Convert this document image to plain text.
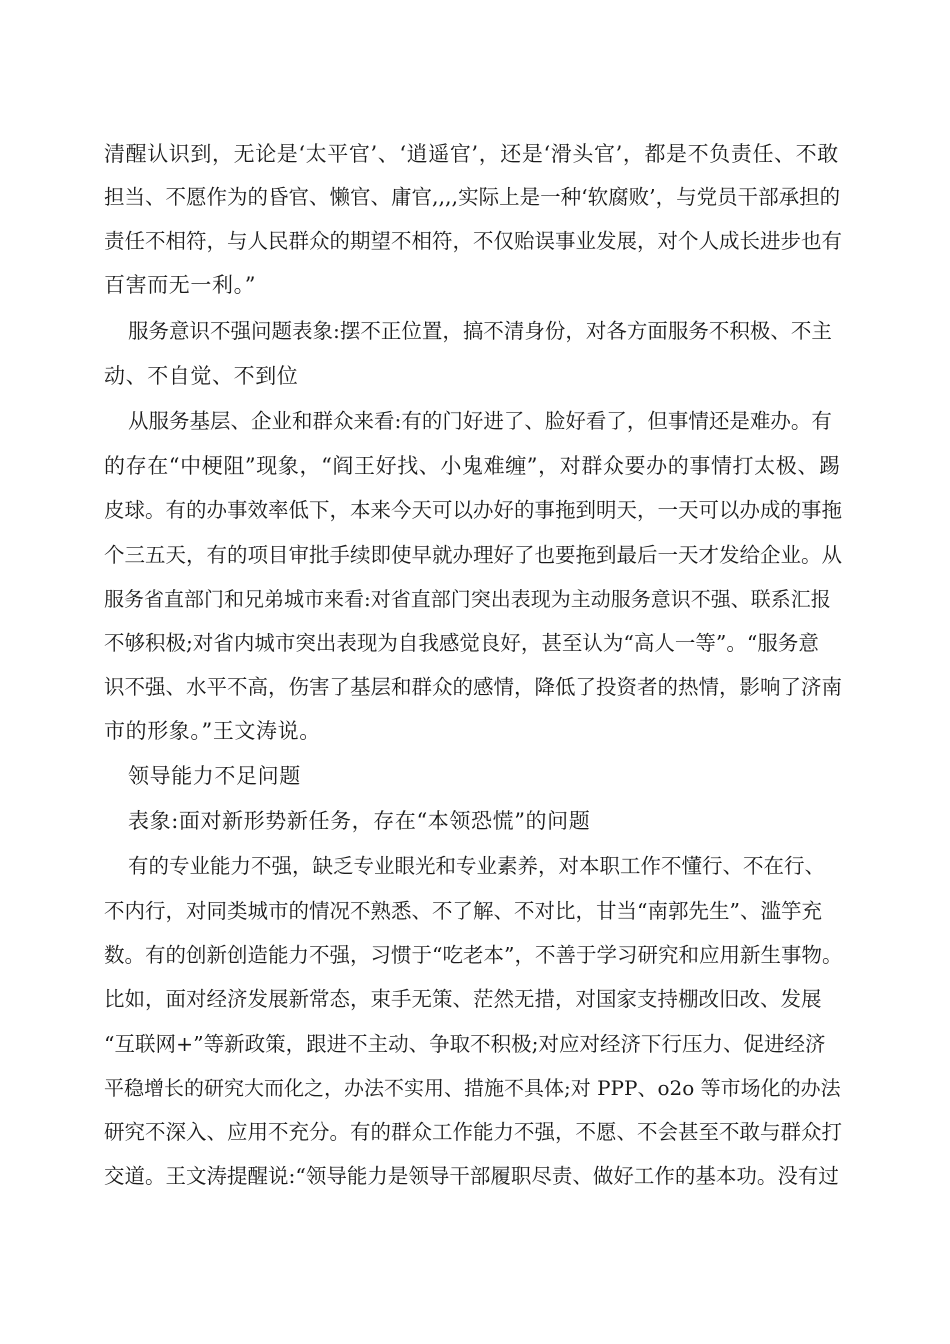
清醒认识到，无论是‘太平官’、‘逍遥官’，还是‘滑头官’，都是不负责任、不敢
担当、不愿作为的昏官、懒官、庸官,,,,实际上是一种‘软腐败’，与党员干部承担的
责任不相符，与人民群众的期望不相符，不仅贻误事业发展，对个人成长进步也有
百害而无一利。”
服务意识不强问题表象:摆不正位置，搞不清身份，对各方面服务不积极、不主
动、不自觉、不到位
从服务基层、企业和群众来看:有的门好进了、脸好看了，但事情还是难办。有
的存在“中梗阻”现象，“阎王好找、小鬼难缠”，对群众要办的事情打太极、踢
皮球。有的办事效率低下，本来今天可以办好的事拖到明天，一天可以办成的事拖
个三五天，有的项目审批手续即使早就办理好了也要拖到最后一天才发给企业。从
服务省直部门和兄弟城市来看:对省直部门突出表现为主动服务意识不强、联系汇报
不够积极;对省内城市突出表现为自我感觉良好，甚至认为“高人一等”。“服务意
识不强、水平不高，伤害了基层和群众的感情，降低了投资者的热情，影响了济南
市的形象。”王文涛说。
领导能力不足问题
表象:面对新形势新任务，存在“本领恐慌”的问题
有的专业能力不强，缺乏专业眼光和专业素养，对本职工作不懂行、不在行、
不内行，对同类城市的情况不熟悉、不了解、不对比，甘当“南郭先生”、滥竽充
数。有的创新创造能力不强，习惯于“吃老本”，不善于学习研究和应用新生事物。
比如，面对经济发展新常态，束手无策、茫然无措，对国家支持棚改旧改、发展
“互联网+”等新政策，跟进不主动、争取不积极;对应对经济下行压力、促进经济
平稳增长的研究大而化之，办法不实用、措施不具体;对 PPP、o2o 等市场化的办法
研究不深入、应用不充分。有的群众工作能力不强，不愿、不会甚至不敢与群众打
交道。王文涛提醒说:“领导能力是领导干部履职尽责、做好工作的基本功。没有过
